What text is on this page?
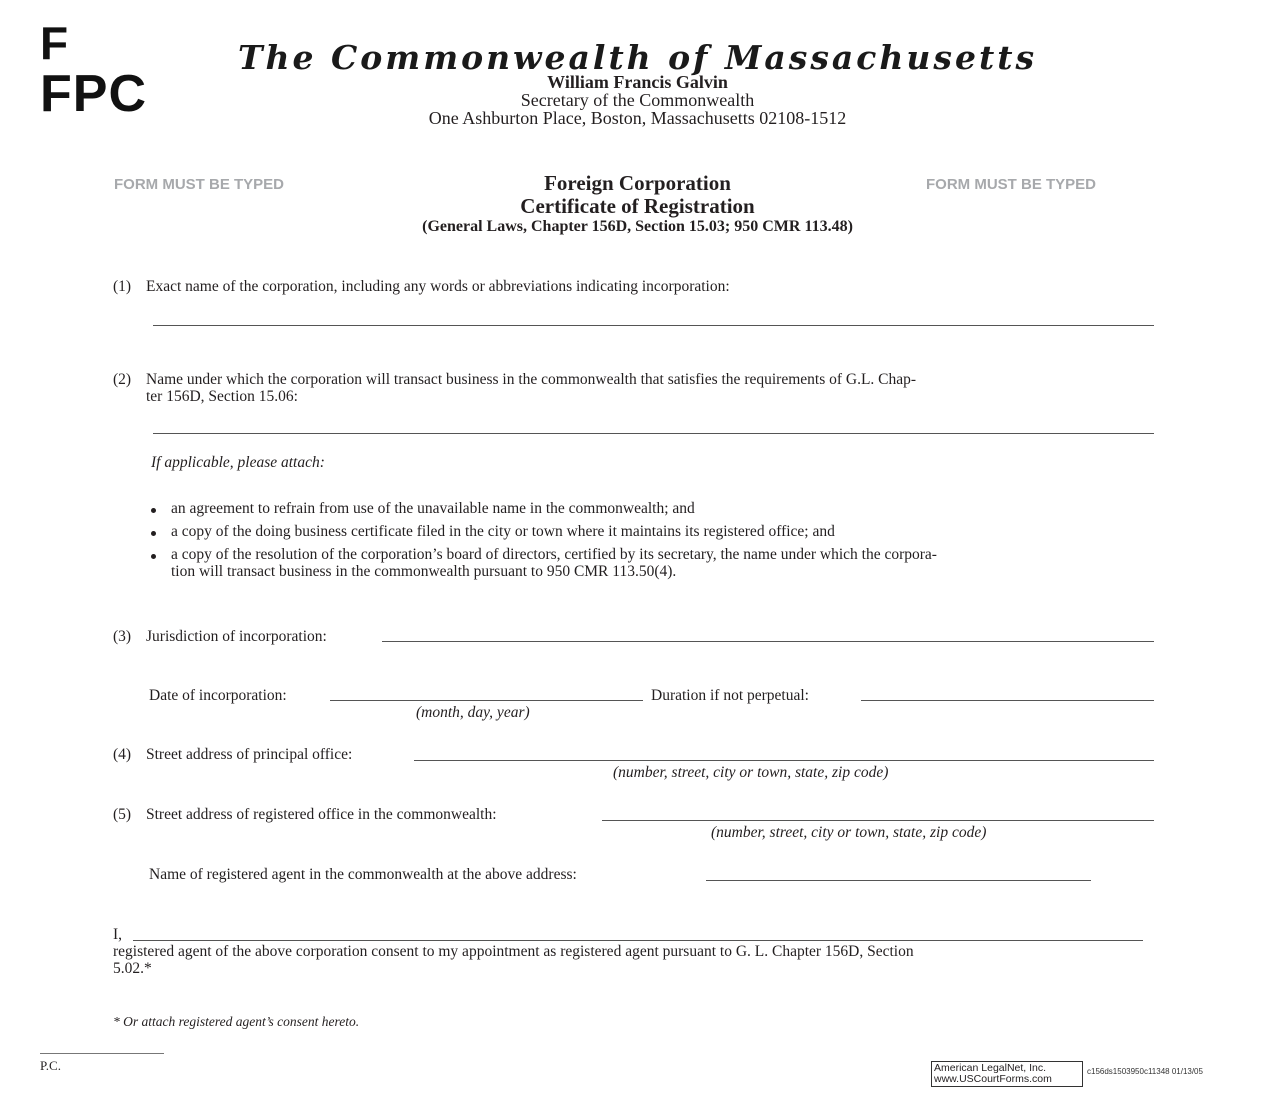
F
FPC
The Commonwealth of Massachusetts
William Francis Galvin
Secretary of the Commonwealth
One Ashburton Place, Boston, Massachusetts 02108-1512
FORM MUST BE TYPED	FORM MUST BE TYPED
Foreign Corporation
Certificate of Registration
(General Laws, Chapter 156D, Section 15.03; 950 CMR 113.48)
(1) Exact name of the corporation, including any words or abbreviations indicating incorporation:
(2) Name under which the corporation will transact business in the commonwealth that satisfies the requirements of G.L. Chap-
ter 156D, Section 15.06:
If applicable, please attach:
an agreement to refrain from use of the unavailable name in the commonwealth; and
a copy of the doing business certificate filed in the city or town where it maintains its registered office; and
a copy of the resolution of the corporation’s board of directors, certified by its secretary, the name under which the corpora-
tion will transact business in the commonwealth pursuant to 950 CMR 113.50(4).
(3) Jurisdiction of incorporation:
Date of incorporation:
(month, day, year)
Duration if not perpetual:
(4) Street address of principal office:
(number, street, city or town, state, zip code)
(5) Street address of registered office in the commonwealth:
(number, street, city or town, state, zip code)
Name of registered agent in the commonwealth at the above address:
I,
registered agent of the above corporation consent to my appointment as registered agent pursuant to G. L. Chapter 156D, Section
5.02.*
* Or attach registered agent’s consent hereto.
P.C.	American LegalNet, Inc.
www.USCourtForms.com
c156ds1503950c11348 01/13/05
